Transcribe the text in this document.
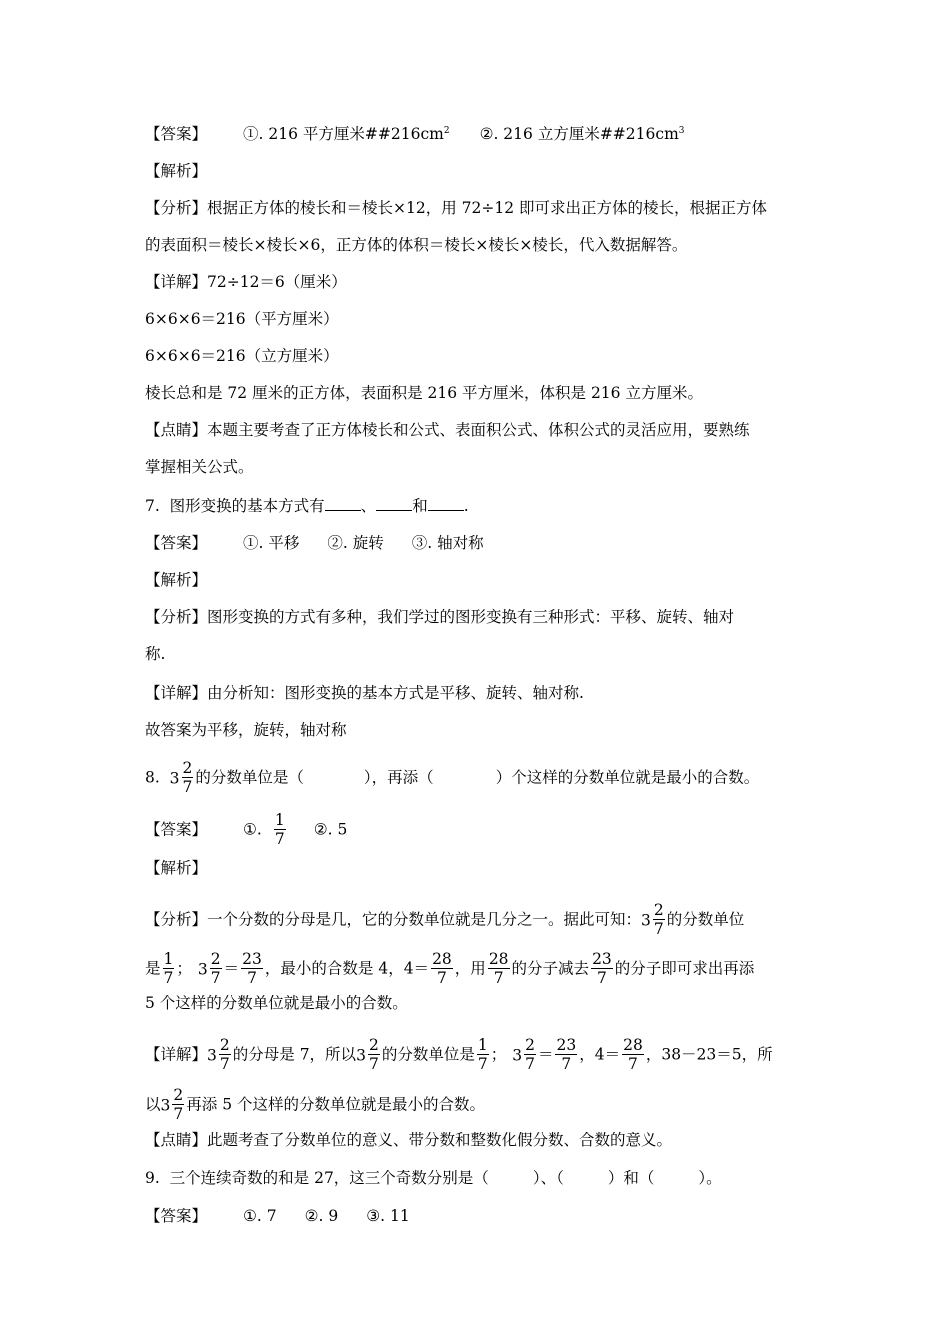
【答案】 ①. 216 平方厘米$\#\#216cm^2$ ②. 216 立方厘米$\#\#216cm^3$
【解析】
【分析】根据正方体的棱长和＝棱长×12，用 72÷12 即可求出正方体的棱长，根据正方体
的表面积＝棱长×棱长×6，正方体的体积＝棱长×棱长×棱长，代入数据解答。
【详解】72÷12＝6（厘米）
6×6×6＝216（平方厘米）
6×6×6＝216（立方厘米）
棱长总和是 72 厘米的正方体，表面积是 216 平方厘米，体积是 216 立方厘米。
【点睛】本题主要考查了正方体棱长和公式、表面积公式、体积公式的灵活应用，要熟练
掌握相关公式。
7. 图形变换的基本方式有 、 和 .
【答案】 ①. 平移 ②. 旋转 ③. 轴对称
【解析】
【分析】图形变换的方式有多种，我们学过的图形变换有三种形式：平移、旋转、轴对
称.
【详解】由分析知：图形变换的基本方式是平移、旋转、轴对称.
故答案为平移，旋转，轴对称
8. $3 \frac{2}{7}$ 的分数单位是（	），再添（	）个这样的分数单位就是最小的合数。
【答案】 ①. $\frac{1}{7}$ ②. 5
【解析】
【分析】一个分数的分母是几，它的分数单位就是几分之一。据此可知：$3 \frac{2}{7}$ 的分数单位
是 $\frac{1}{7}$ ； $3 \frac{2}{7} = \frac{23}{7}$ ，最小的合数是 4，$4= \frac{28}{7}$ ，用 $\frac{28}{7}$ 的分子减去 $\frac{23}{7}$ 的分子即可求出再添
5 个这样的分数单位就是最小的合数。
【详解】$3 \frac{2}{7}$ 的分母是 7，所以$3 \frac{2}{7}$ 的分数单位是 $\frac{1}{7}$ ； $3 \frac{2}{7} = \frac{23}{7}$ ，$4= \frac{28}{7}$ ，38－23＝5，所
以$3 \frac{2}{7}$ 再添 5 个这样的分数单位就是最小的合数。
【点睛】此题考查了分数单位的意义、带分数和整数化假分数、合数的意义。
9. 三个连续奇数的和是 27，这三个奇数分别是（	）、（	）和（	）。
【答案】 ①. 7 ②. 9 ③. 11
